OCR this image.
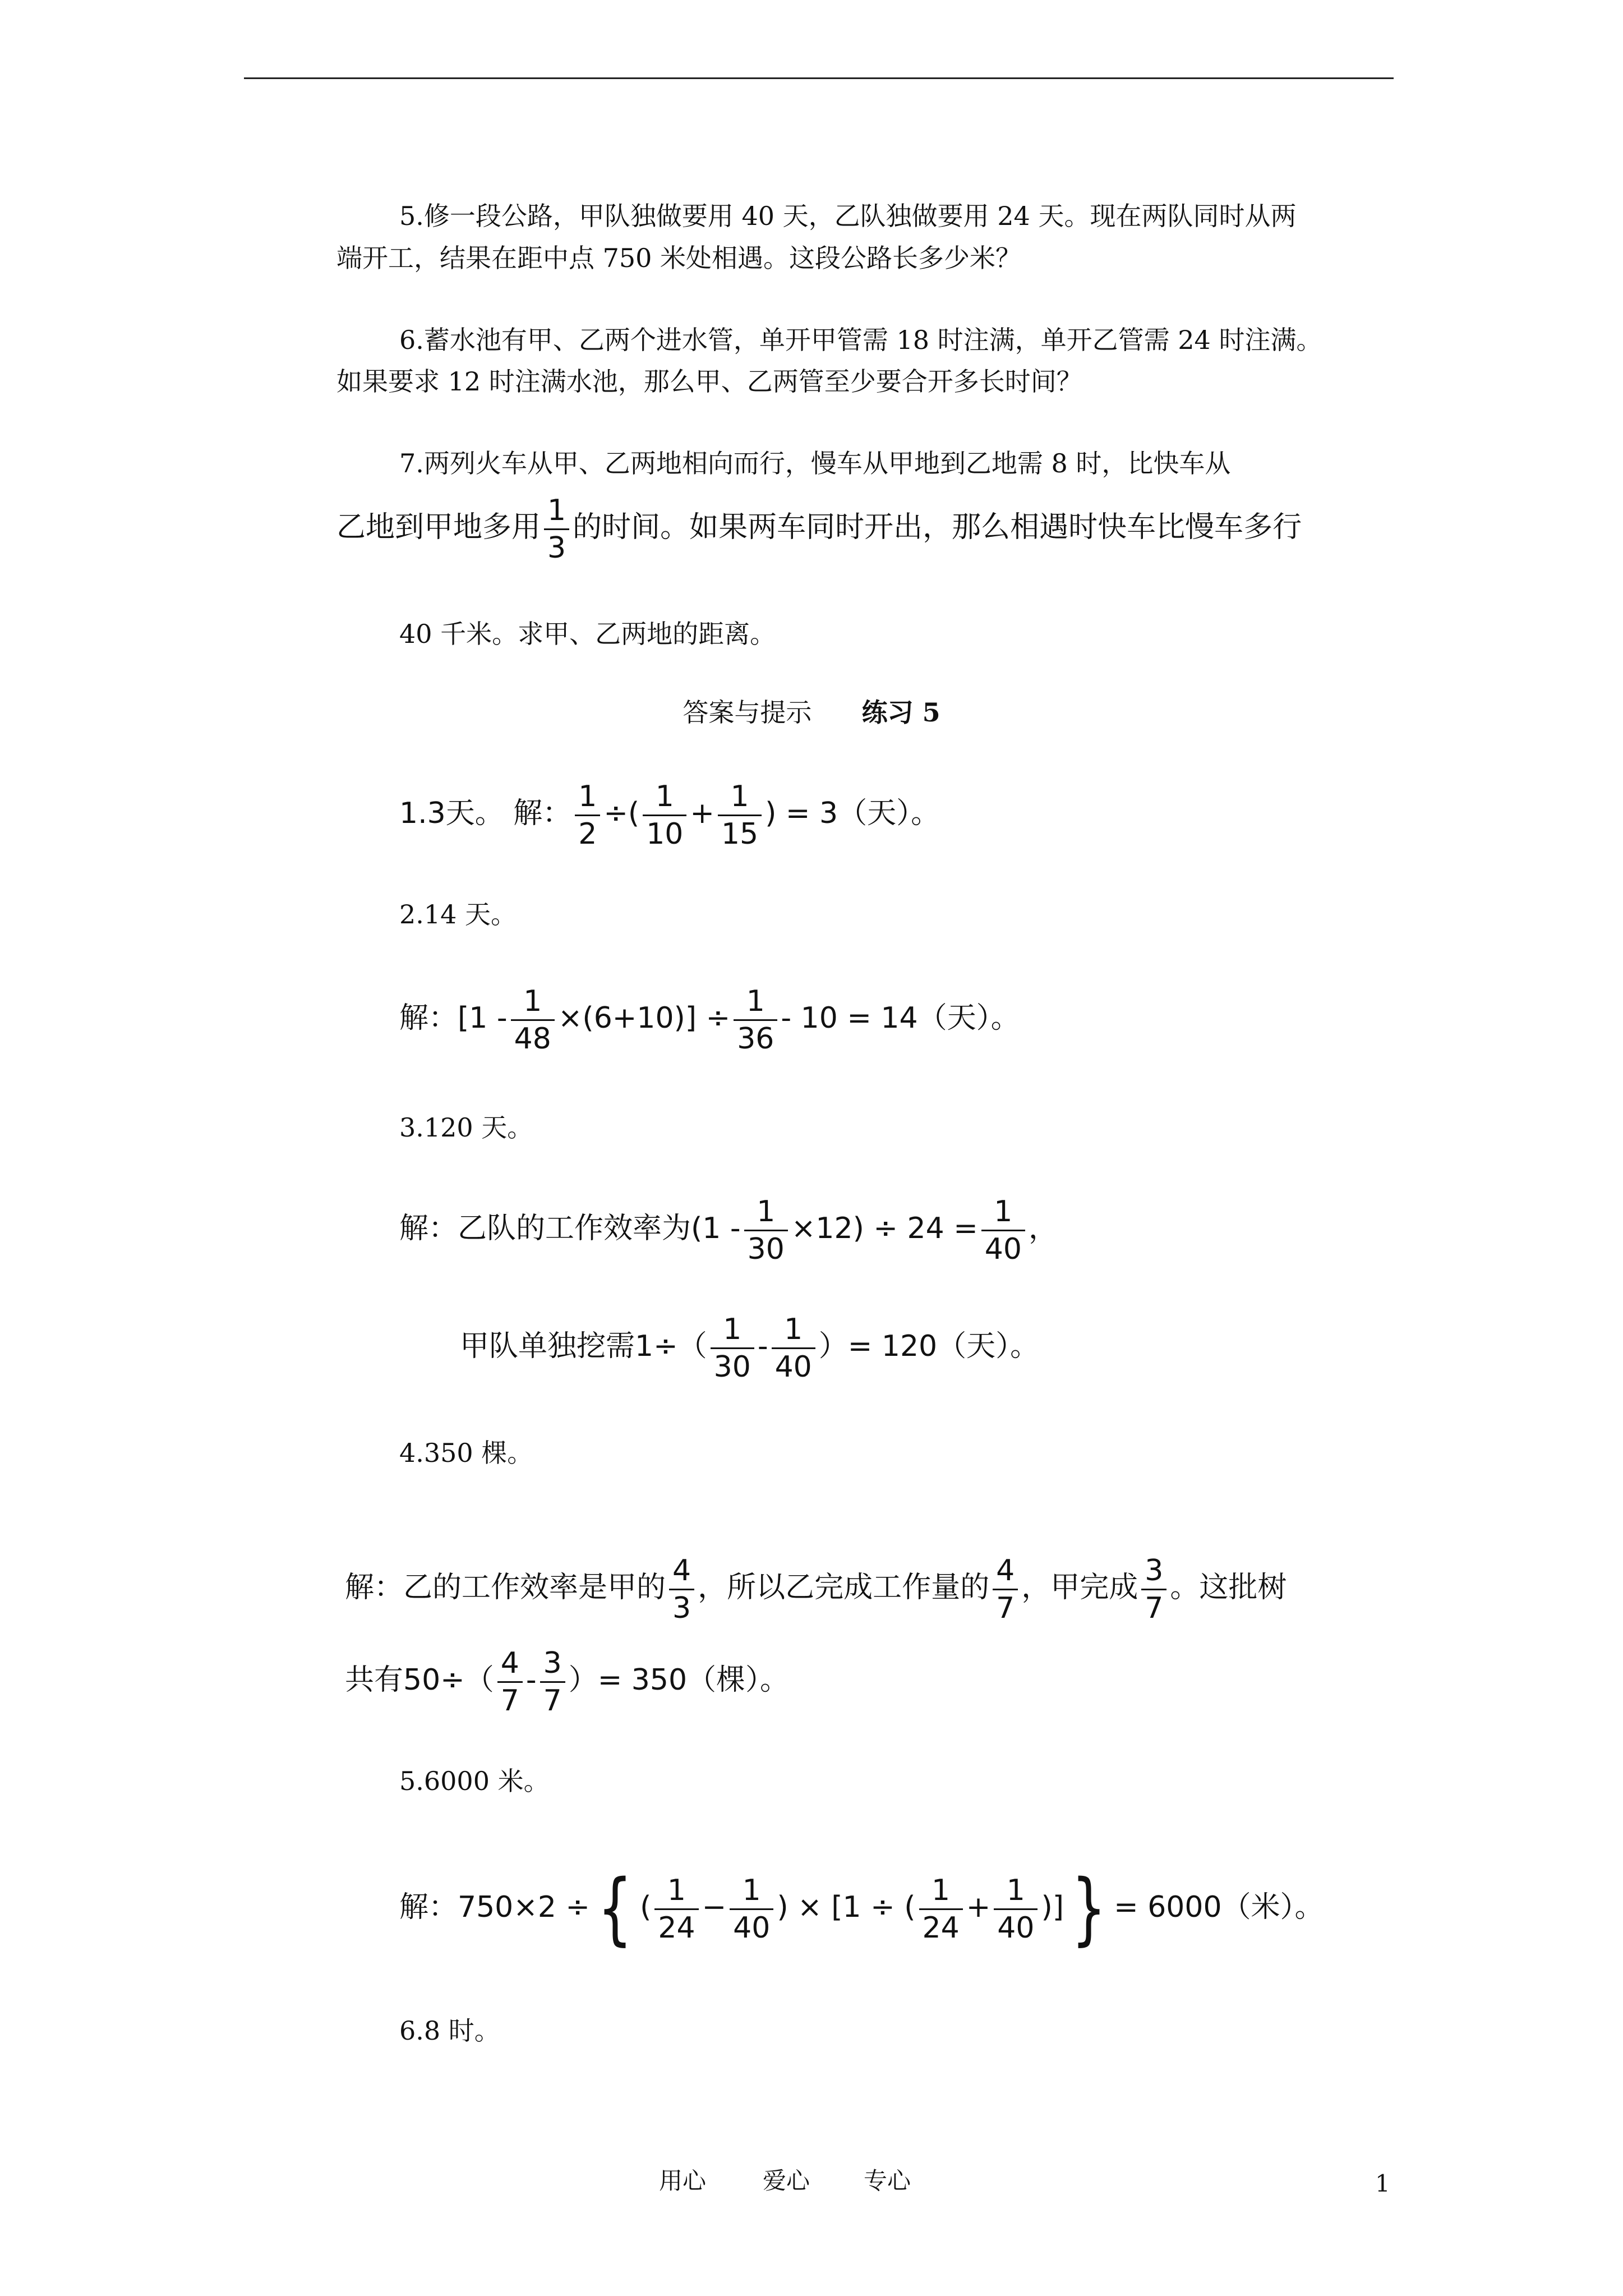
5.修一段公路，甲队独做要用 40 天，乙队独做要用 24 天。现在两队同时从两
端开工，结果在距中点 750 米处相遇。这段公路长多少米？
6.蓄水池有甲、乙两个进水管，单开甲管需 18 时注满，单开乙管需 24 时注满。
如果要求 12 时注满水池，那么甲、乙两管至少要合开多长时间？
7.两列火车从甲、乙两地相向而行，慢车从甲地到乙地需 8 时，比快车从
乙地到甲地多用 $\frac{1}{3}$ 的时间。如果两车同时开出，那么相遇时快车比慢车多行
40 千米。求甲、乙两地的距离。
答案与提示 练习 5
1.3天。 解： $\frac{1}{2}$ ÷( $\frac{1}{10} + \frac{1}{15}$ ) = 3（天）。
2.14 天。
解：$[1 - \frac{1}{48} \times(6+10)] \div \frac{1}{36} - 10 = 14$（天）。
3.120 天。
解：乙队的工作效率为$(1 - \frac{1}{30} \times 12) \div 24 = \frac{1}{40}$ ，
甲队单独挖需$1\div( \frac{1}{30} - \frac{1}{40}$ ）= 120（天）。
4.350 棵。
解：乙的工作效率是甲的 $\frac{4}{3}$ ，所以乙完成工作量的 $\frac{4}{7}$ ，甲完成 $\frac{3}{7}$ 。这批树
共有$50\div( \frac{4}{7} - \frac{3}{7}$ ）= 350（棵）。
5.6000 米。
解：750×2 ÷{ ( $\frac{1}{24} - \frac{1}{40}$ ) × [1 ÷ ( $\frac{1}{24} + \frac{1}{40}$ )]} = 6000（米）。
6.8 时。
用心 爱心 专心	1
